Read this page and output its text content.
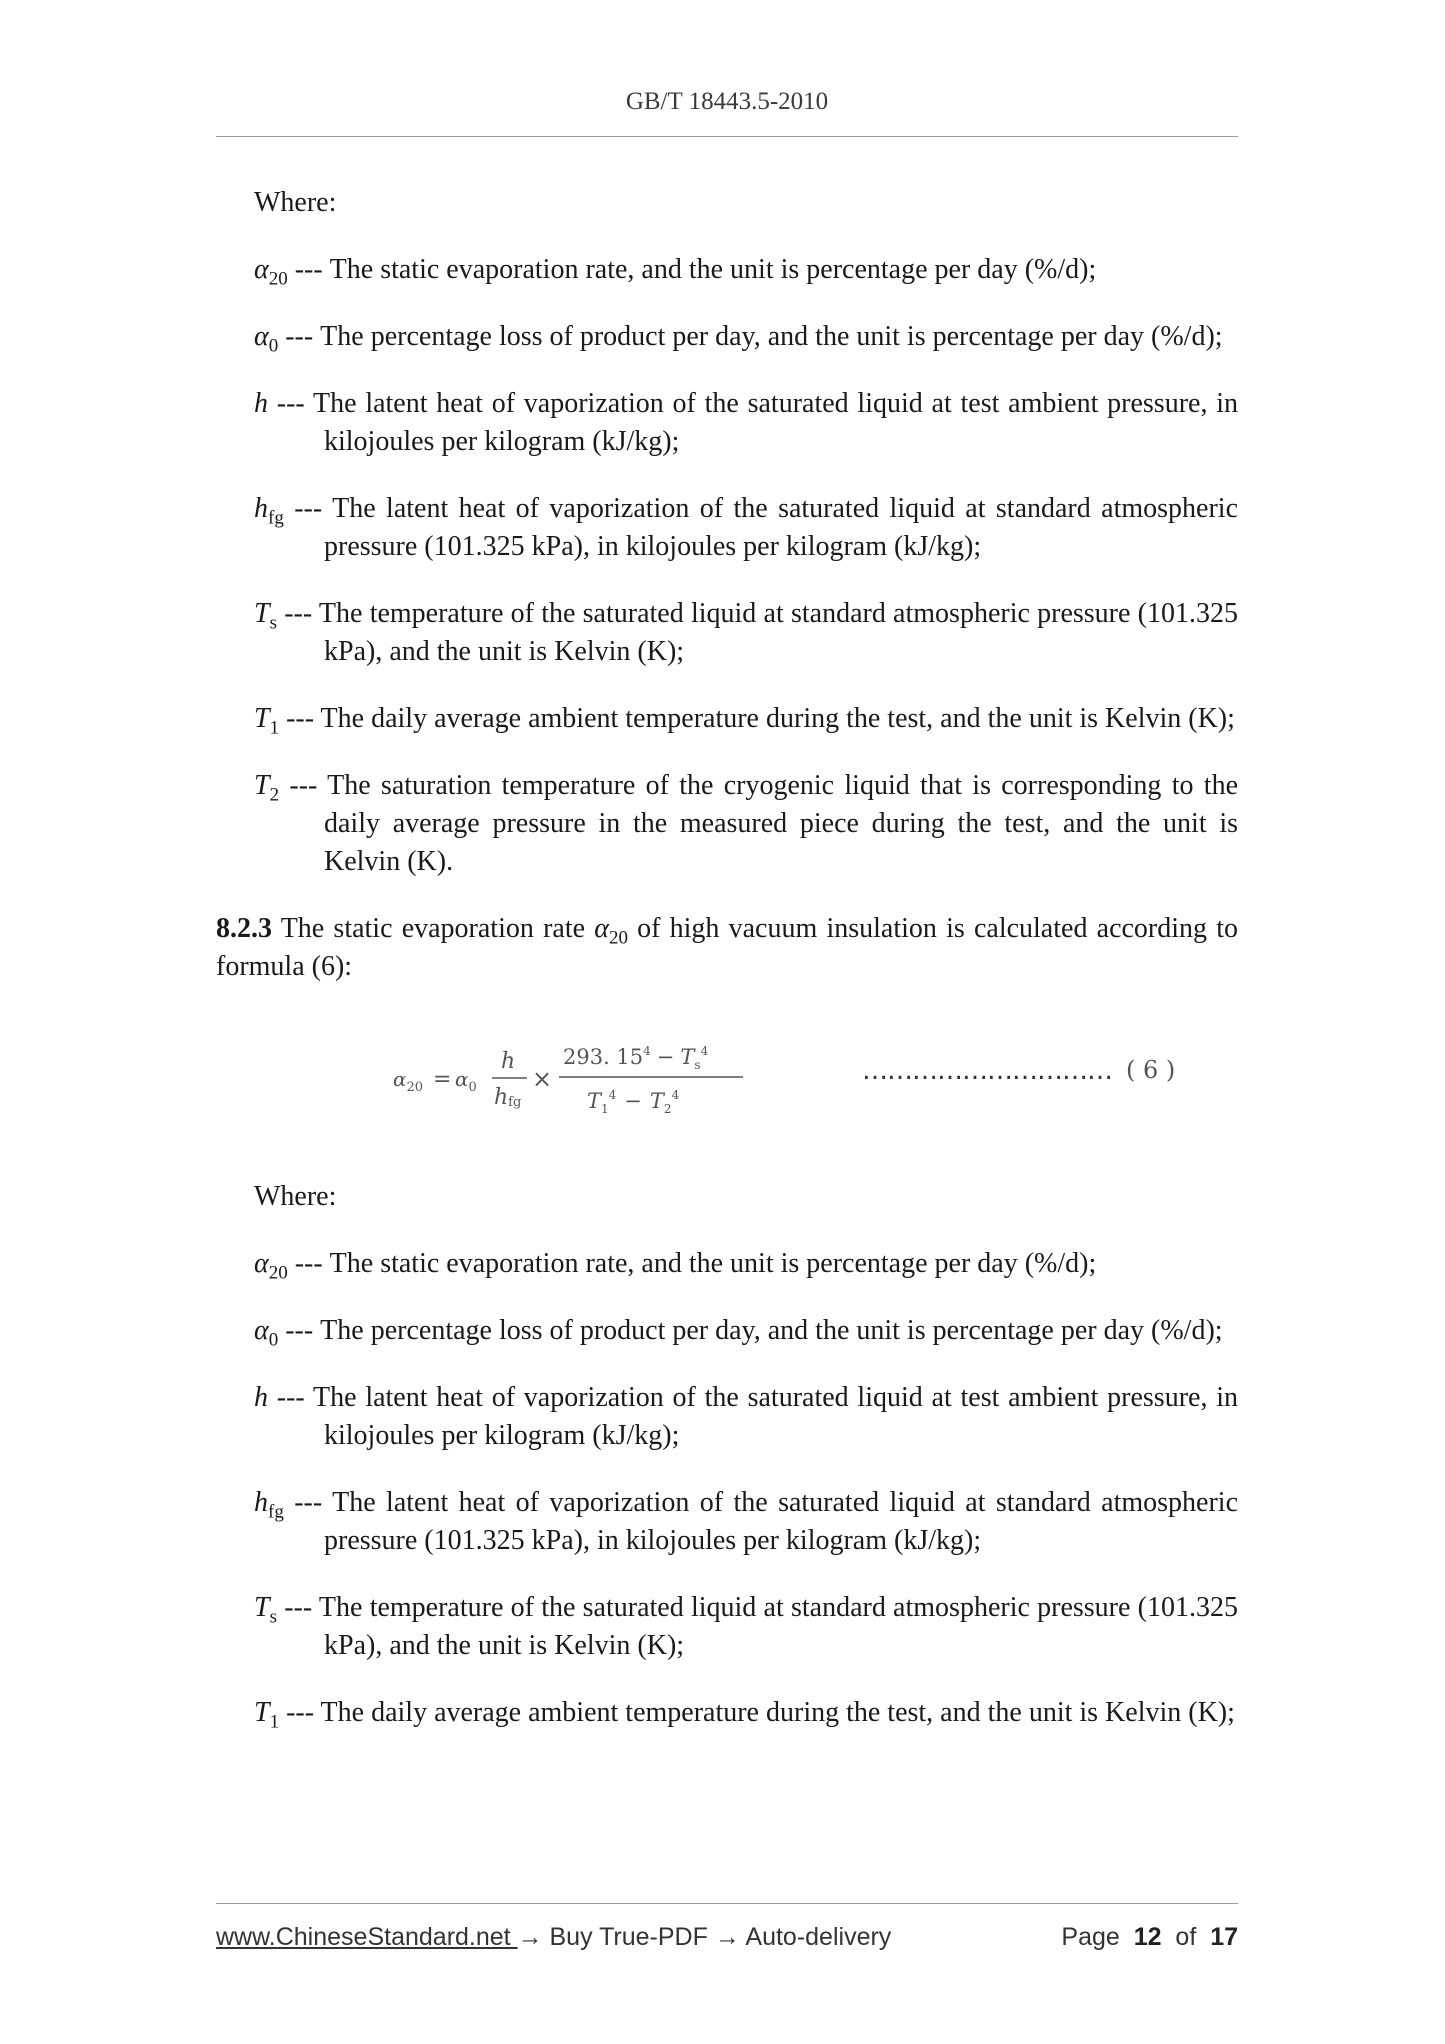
GB/T 18443.5-2010
Where:
$\alpha_{20}$ --- The static evaporation rate, and the unit is percentage per day (%/d);
$\alpha_0$ --- The percentage loss of product per day, and the unit is percentage per day (%/d);
h --- The latent heat of vaporization of the saturated liquid at test ambient pressure, in kilojoules per kilogram (kJ/kg);
$h_{fg}$ --- The latent heat of vaporization of the saturated liquid at standard atmospheric pressure (101.325 kPa), in kilojoules per kilogram (kJ/kg);
$T_s$ --- The temperature of the saturated liquid at standard atmospheric pressure (101.325 kPa), and the unit is Kelvin (K);
$T_1$ --- The daily average ambient temperature during the test, and the unit is Kelvin (K);
$T_2$ --- The saturation temperature of the cryogenic liquid that is corresponding to the daily average pressure in the measured piece during the test, and the unit is Kelvin (K).
8.2.3 The static evaporation rate $\alpha_{20}$ of high vacuum insulation is calculated according to formula (6):
$\alpha_{20} = \alpha_0$
h
hfg
×
293. $15^4 - T_s^4$
$T_1^4 - T_2^4$
………………………… ( 6 )
Where:
$\alpha_{20}$ --- The static evaporation rate, and the unit is percentage per day (%/d);
$\alpha_0$ --- The percentage loss of product per day, and the unit is percentage per day (%/d);
h --- The latent heat of vaporization of the saturated liquid at test ambient pressure, in kilojoules per kilogram (kJ/kg);
$h_{fg}$ --- The latent heat of vaporization of the saturated liquid at standard atmospheric pressure (101.325 kPa), in kilojoules per kilogram (kJ/kg);
$T_s$ --- The temperature of the saturated liquid at standard atmospheric pressure (101.325 kPa), and the unit is Kelvin (K);
$T_1$ --- The daily average ambient temperature during the test, and the unit is Kelvin (K);
www.ChineseStandard.net → Buy True-PDF → Auto-delivery	Page 12 of 17
